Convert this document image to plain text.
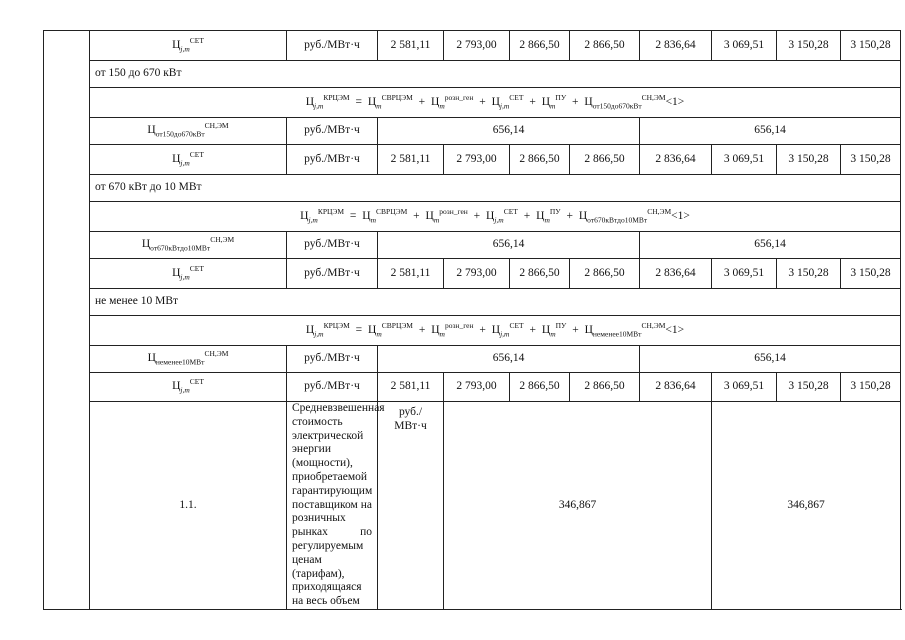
	$Ц_{j,m}^{СЕТ}$	руб./МВт·ч	2 581,11	2 793,00	2 866,50	2 866,50	2 836,64	3 069,51	3 150,28	3 150,28
	от 150 до 670 кВт									
	$Ц_{j,m}^{КРЦЭМ} = Ц_m^{СВРЦЭМ} + Ц_m^{розн\_ген} + Ц_{j,m}^{СЕТ} + Ц_m^{ПУ} + Ц_{от150до670кВт}^{СН,ЭМ}<1>$									
	$Ц_{от150до670кВт}^{СН,ЭМ}$	руб./МВт·ч	656,14				656,14			
	$Ц_{j,m}^{СЕТ}$	руб./МВт·ч	2 581,11	2 793,00	2 866,50	2 866,50	2 836,64	3 069,51	3 150,28	3 150,28
	от 670 кВт до 10 МВт									
	$Ц_{j,m}^{КРЦЭМ} = Ц_m^{СВРЦЭМ} + Ц_m^{розн\_ген} + Ц_{j,m}^{СЕТ} + Ц_m^{ПУ} + Ц_{от670кВтдо10МВт}^{СН,ЭМ}<1>$									
	$Ц_{от670кВтдо10МВт}^{СН,ЭМ}$	руб./МВт·ч	656,14				656,14			
	$Ц_{j,m}^{СЕТ}$	руб./МВт·ч	2 581,11	2 793,00	2 866,50	2 866,50	2 836,64	3 069,51	3 150,28	3 150,28
	не менее 10 МВт									
	$Ц_{j,m}^{КРЦЭМ} = Ц_m^{СВРЦЭМ} + Ц_m^{розн\_ген} + Ц_{j,m}^{СЕТ} + Ц_m^{ПУ} + Ц_{неменее10МВт}^{СН,ЭМ}<1>$									
	$Ц_{неменее10МВт}^{СН,ЭМ}$	руб./МВт·ч	656,14				656,14			
	$Ц_{j,m}^{СЕТ}$	руб./МВт·ч	2 581,11	2 793,00	2 866,50	2 866,50	2 836,64	3 069,51	3 150,28	3 150,28
	1.1.	Средневзвешенная стоимость электрической энергии (мощности), приобретаемой гарантирующим поставщиком на розничных рынках по регулируемым ценам (тарифам), приходящаяся на весь объем	руб./МВт·ч	346,867				346,867		
